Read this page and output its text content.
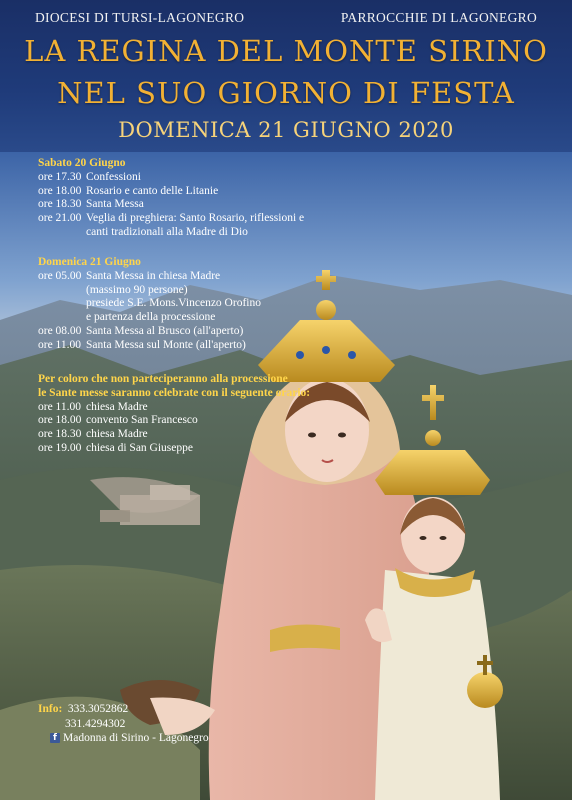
DIOCESI DI TURSI-LAGONEGRO	PARROCCHIE DI LAGONEGRO
LA REGINA DEL MONTE SIRINO
NEL SUO GIORNO DI FESTA
DOMENICA 21 GIUGNO 2020
Sabato 20 Giugno
ore 17.30 Confessioni
ore 18.00 Rosario e canto delle Litanie
ore 18.30 Santa Messa
ore 21.00 Veglia di preghiera: Santo Rosario, riflessioni e
canti tradizionali alla Madre di Dio
Domenica 21 Giugno
ore 05.00 Santa Messa in chiesa Madre
(massimo 90 persone)
presiede S.E. Mons.Vincenzo Orofino
e partenza della processione
ore 08.00 Santa Messa al Brusco (all'aperto)
ore 11.00 Santa Messa sul Monte (all'aperto)
Per coloro che non parteciperanno alla processione
le Sante messe saranno celebrate con il seguente orario:
ore 11.00 chiesa Madre
ore 18.00 convento San Francesco
ore 18.30 chiesa Madre
ore 19.00 chiesa di San Giuseppe
Info: 333.3052862
331.4294302
f Madonna di Sirino - Lagonegro
